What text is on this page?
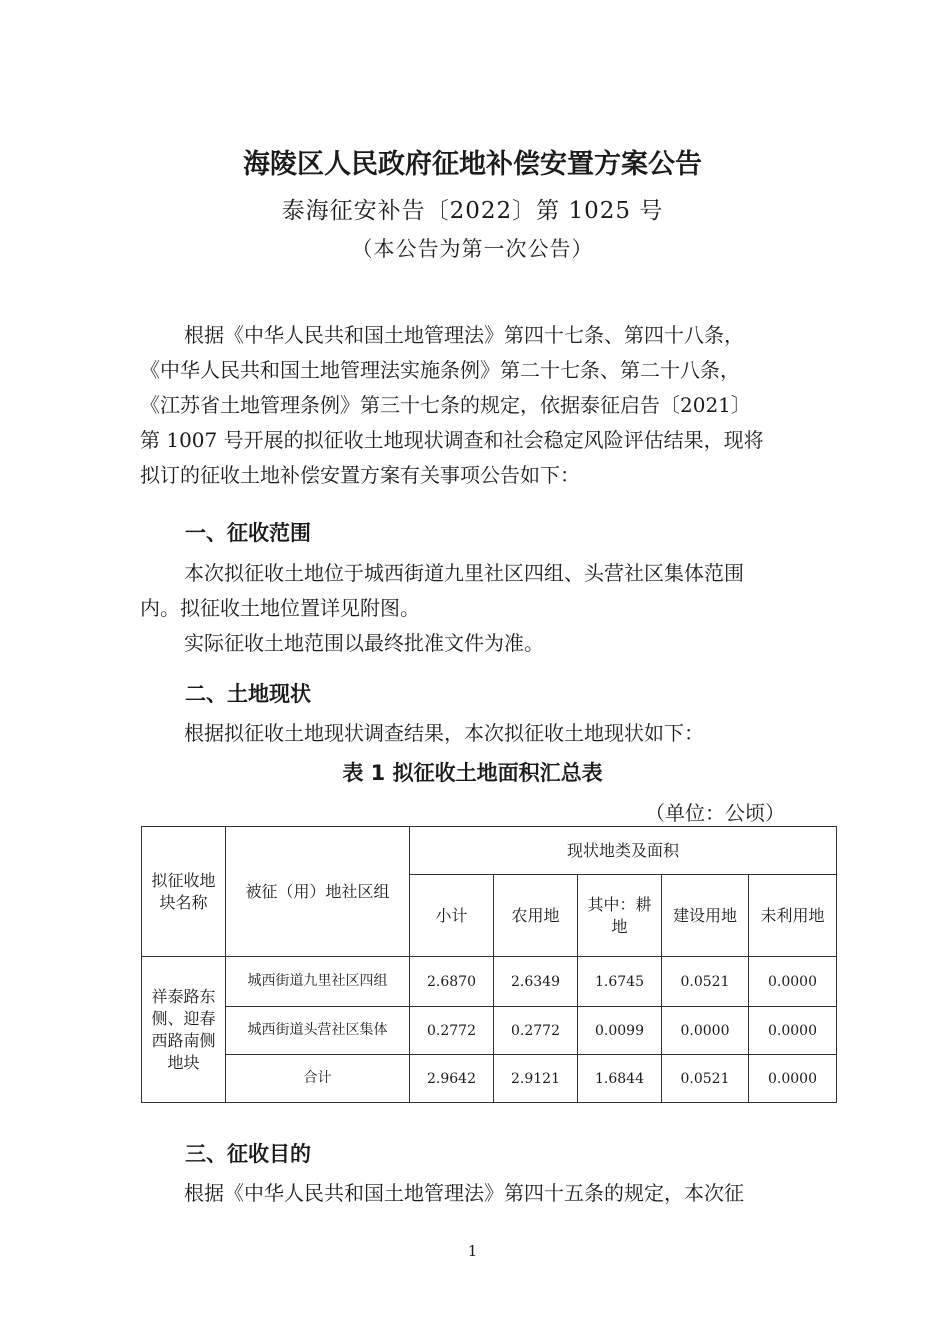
海陵区人民政府征地补偿安置方案公告
泰海征安补告〔2022〕第 1025 号
（本公告为第一次公告）
根据《中华人民共和国土地管理法》第四十七条、第四十八条，
《中华人民共和国土地管理法实施条例》第二十七条、第二十八条，
《江苏省土地管理条例》第三十七条的规定，依据泰征启告〔2021〕
第 1007 号开展的拟征收土地现状调查和社会稳定风险评估结果，现将
拟订的征收土地补偿安置方案有关事项公告如下：
一、征收范围
本次拟征收土地位于城西街道九里社区四组、头营社区集体范围
内。拟征收土地位置详见附图。
实际征收土地范围以最终批准文件为准。
二、土地现状
根据拟征收土地现状调查结果，本次拟征收土地现状如下：
表 1 拟征收土地面积汇总表
（单位：公顷）
拟征收地块名称	被征（用）地社区组	现状地类及面积				
		小计	农用地	其中：耕地	建设用地	未利用地
祥泰路东侧、迎春西路南侧地块	城西街道九里社区四组	2.6870	2.6349	1.6745	0.0521	0.0000
	城西街道头营社区集体	0.2772	0.2772	0.0099	0.0000	0.0000
	合计	2.9642	2.9121	1.6844	0.0521	0.0000
三、征收目的
根据《中华人民共和国土地管理法》第四十五条的规定，本次征
1
